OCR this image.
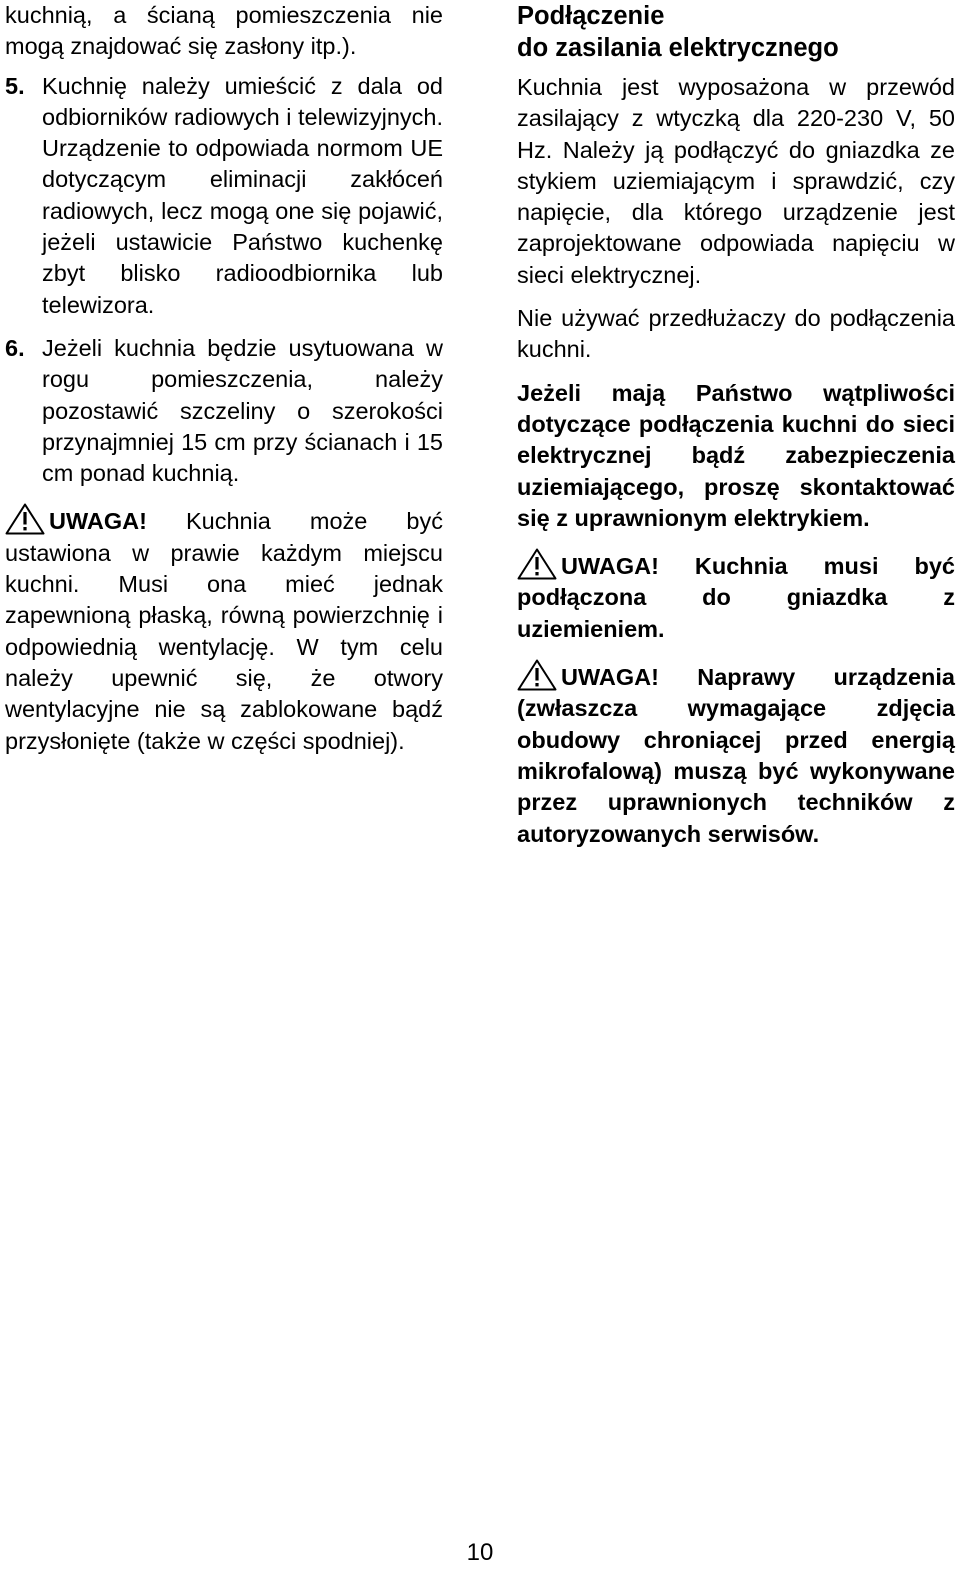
kuchnią, a ścianą pomieszczenia nie mogą znajdować się zasłony itp.).

5. Kuchnię należy umieścić z dala od odbiorników radiowych i telewizyjnych. Urządzenie to odpowiada normom UE dotyczącym eliminacji zakłóceń radiowych, lecz mogą one się pojawić, jeżeli ustawicie Państwo kuchenkę zbyt blisko radioodbiornika lub telewizora.

6. Jeżeli kuchnia będzie usytuowana w rogu pomieszczenia, należy pozostawić szczeliny o szerokości przynajmniej 15 cm przy ścianach i 15 cm ponad kuchnią.

UWAGA! Kuchnia może być ustawiona w prawie każdym miejscu kuchni. Musi ona mieć jednak zapewnioną płaską, równą powierzchnię i odpowiednią wentylację. W tym celu należy upewnić się, że otwory wentylacyjne nie są zablokowane bądź przysłonięte (także w części spodniej).

Podłączenie
do zasilania elektrycznego

Kuchnia jest wyposażona w przewód zasilający z wtyczką dla 220-230 V, 50 Hz. Należy ją podłączyć do gniazdka ze stykiem uziemiającym i sprawdzić, czy napięcie, dla którego urządzenie jest zaprojektowane odpowiada napięciu w sieci elektrycznej.

Nie używać przedłużaczy do podłączenia kuchni.

Jeżeli mają Państwo wątpliwości dotyczące podłączenia kuchni do sieci elektrycznej bądź zabezpieczenia uziemiającego, proszę skontaktować się z uprawnionym elektrykiem.

UWAGA! Kuchnia musi być podłączona do gniazdka z uziemieniem.

UWAGA! Naprawy urządzenia (zwłaszcza wymagające zdjęcia obudowy chroniącej przed energią mikrofalową) muszą być wykonywane przez uprawnionych techników z autoryzowanych serwisów.

10
